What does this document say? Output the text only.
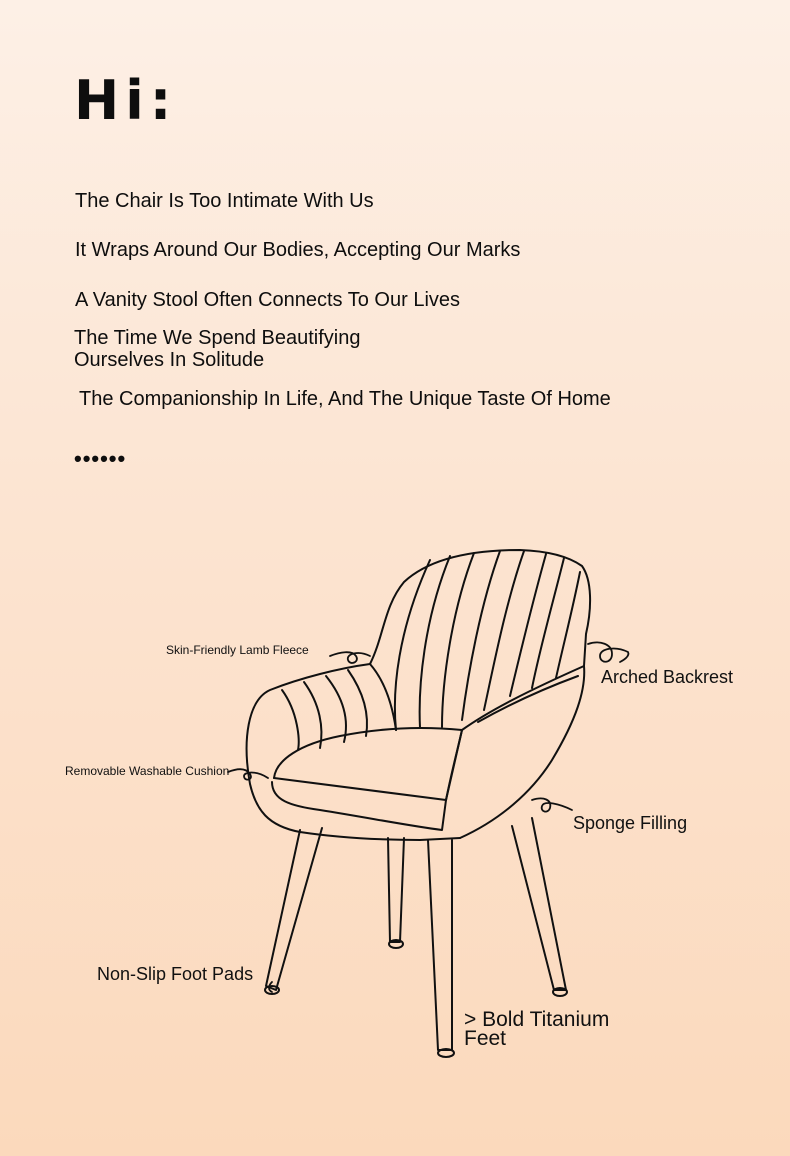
Hi:

The Chair Is Too Intimate With Us

It Wraps Around Our Bodies, Accepting Our Marks

A Vanity Stool Often Connects To Our Lives

The Time We Spend Beautifying Ourselves In Solitude

The Companionship In Life, And The Unique Taste Of Home

••••••
Skin-Friendly Lamb Fleece
Arched Backrest
Removable Washable Cushion
Sponge Filling
Non-Slip Foot Pads
> Bold Titanium Feet
